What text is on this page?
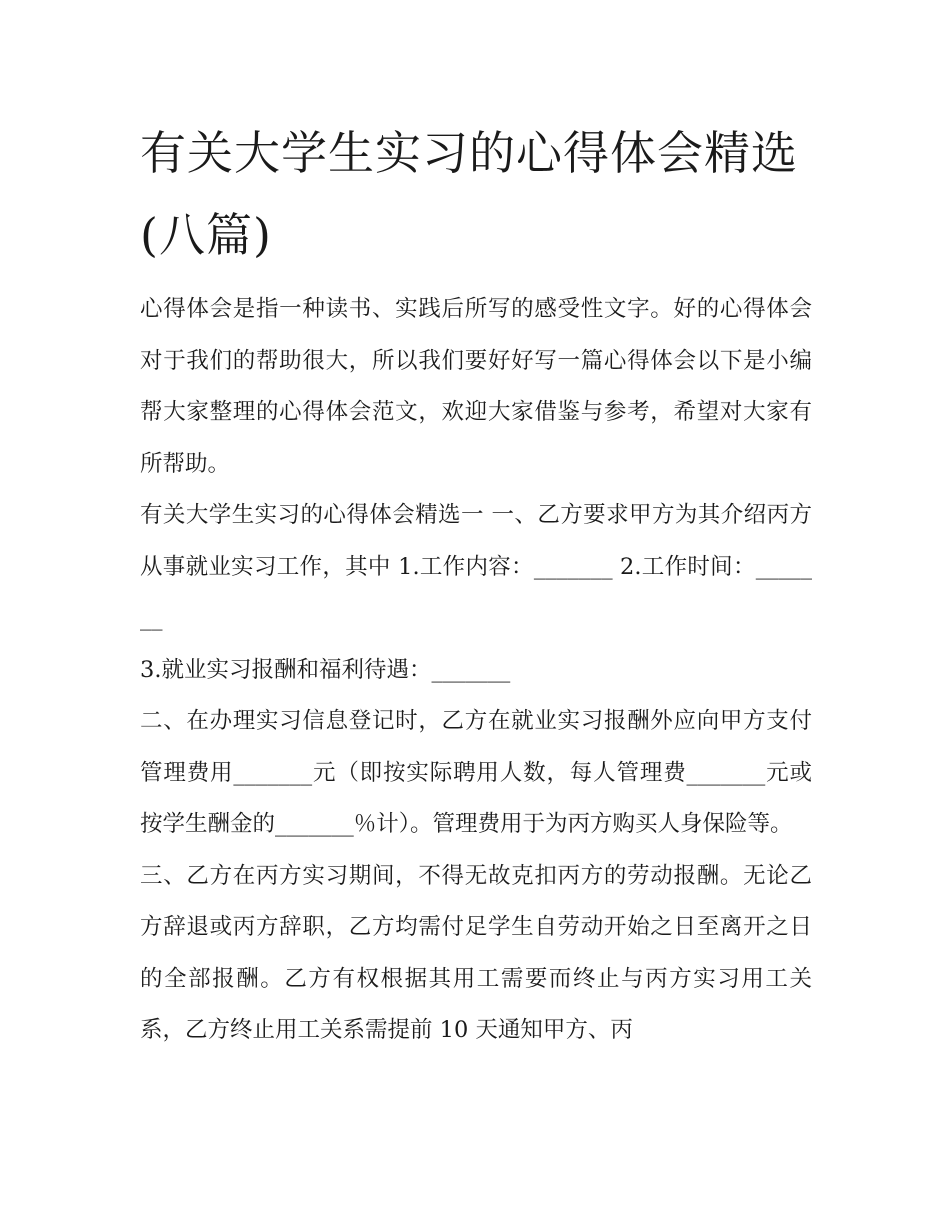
有关大学生实习的心得体会精选(八篇)

心得体会是指一种读书、实践后所写的感受性文字。好的心得体会对于我们的帮助很大，所以我们要好好写一篇心得体会以下是小编帮大家整理的心得体会范文，欢迎大家借鉴与参考，希望对大家有所帮助。

有关大学生实习的心得体会精选一 一、乙方要求甲方为其介绍丙方从事就业实习工作，其中 1.工作内容：_______ 2.工作时间：_______

3.就业实习报酬和福利待遇：_______

二、在办理实习信息登记时，乙方在就业实习报酬外应向甲方支付管理费用_______元（即按实际聘用人数，每人管理费_______元或按学生酬金的_______％计）。管理费用于为丙方购买人身保险等。

三、乙方在丙方实习期间，不得无故克扣丙方的劳动报酬。无论乙方辞退或丙方辞职，乙方均需付足学生自劳动开始之日至离开之日的全部报酬。乙方有权根据其用工需要而终止与丙方实习用工关系，乙方终止用工关系需提前 10 天通知甲方、丙
